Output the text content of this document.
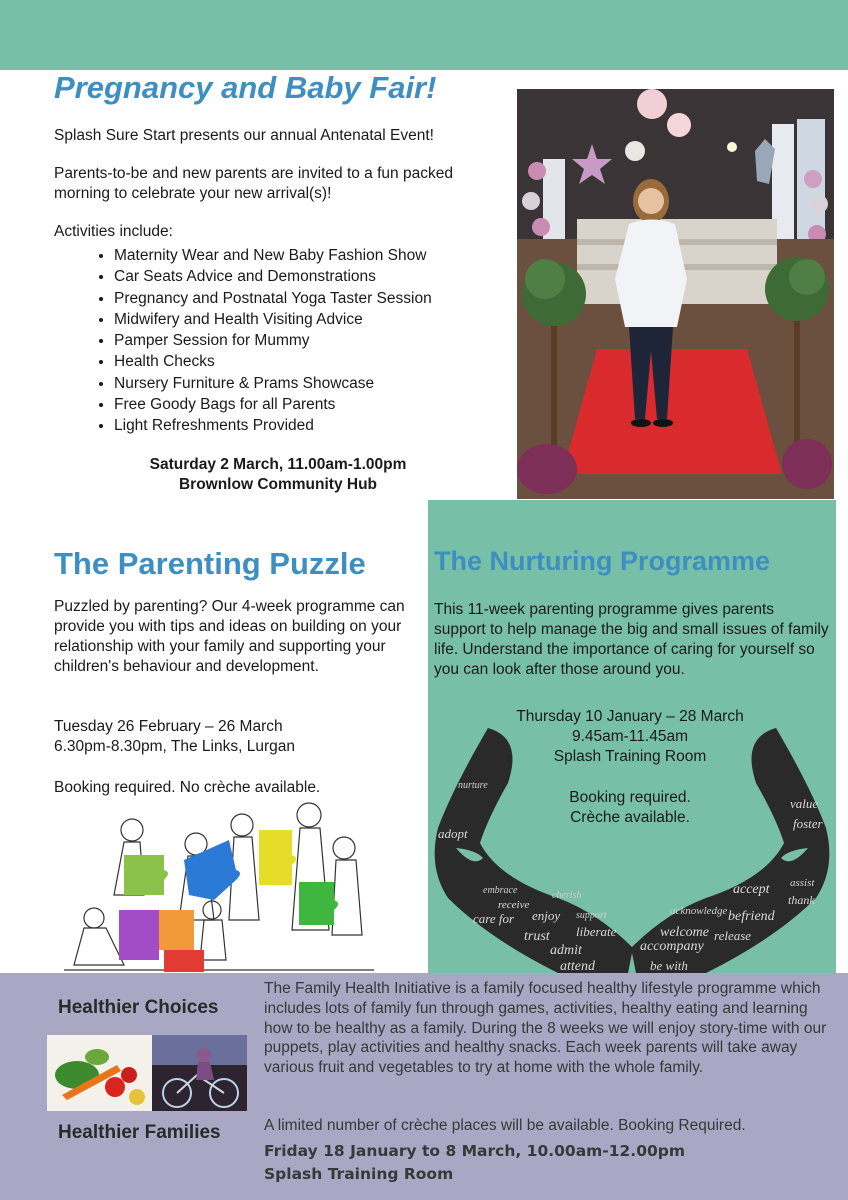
Pregnancy and Baby Fair!

Splash Sure Start presents our annual Antenatal Event!

Parents-to-be and new parents are invited to a fun packed morning to celebrate your new arrival(s)!

Activities include:

• Maternity Wear and New Baby Fashion Show
• Car Seats Advice and Demonstrations
• Pregnancy and Postnatal Yoga Taster Session
• Midwifery and Health Visiting Advice
• Pamper Session for Mummy
• Health Checks
• Nursery Furniture & Prams Showcase
• Free Goody Bags for all Parents
• Light Refreshments Provided
Saturday 2 March, 11.00am-1.00pm
Brownlow Community Hub
adopt
nurture
receive
cherish
embrace
care for enjoy support
trust liberate
admit
attend
accept
befriend
welcome
accompany
release
value
foster
assist
thank
acknowledge
be with
The Nurturing Programme
This 11-week parenting programme gives parents support to help manage the big and small issues of family life. Understand the importance of caring for yourself so you can look after those around you.
Thursday 10 January – 28 March
9.45am-11.45am
Splash Training Room
Booking required.
Crèche available.
The Parenting Puzzle
Puzzled by parenting? Our 4-week programme can provide you with tips and ideas on building on your relationship with your family and supporting your children's behaviour and development.
Tuesday 26 February – 26 March
6.30pm-8.30pm, The Links, Lurgan
Booking required. No crèche available.
Healthier Choices
Healthier Families
The Family Health Initiative is a family focused healthy lifestyle programme which includes lots of family fun through games, activities, healthy eating and learning how to be healthy as a family. During the 8 weeks we will enjoy story-time with our puppets, play activities and healthy snacks. Each week parents will take away various fruit and vegetables to try at home with the whole family.
A limited number of crèche places will be available. Booking Required.
Friday 18 January to 8 March, 10.00am-12.00pm
Splash Training Room
